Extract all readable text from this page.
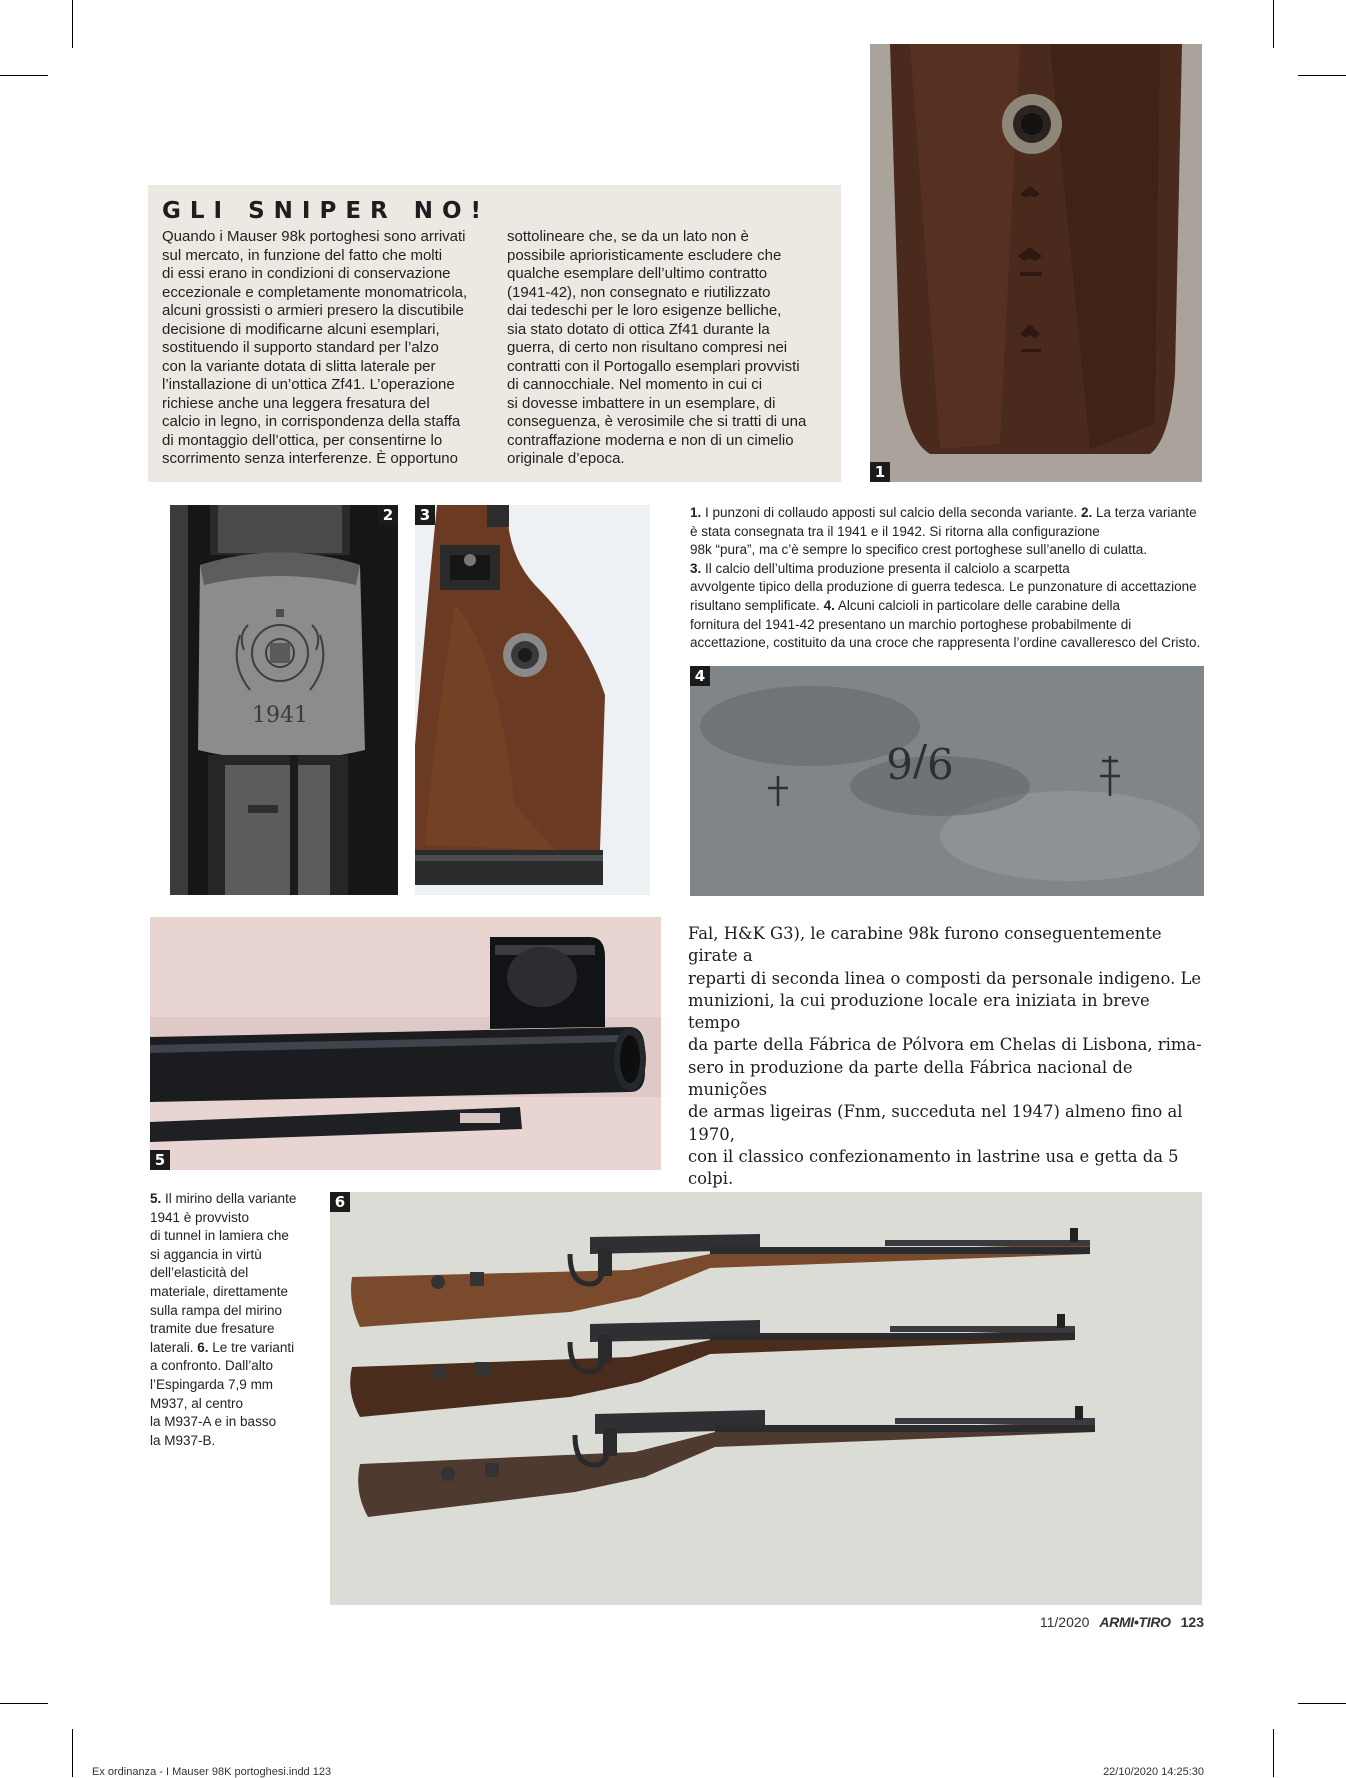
GLI SNIPER NO!
Quando i Mauser 98k portoghesi sono arrivati
sul mercato, in funzione del fatto che molti
di essi erano in condizioni di conservazione
eccezionale e completamente monomatricola,
alcuni grossisti o armieri presero la discutibile
decisione di modificarne alcuni esemplari,
sostituendo il supporto standard per l’alzo
con la variante dotata di slitta laterale per
l’installazione di un’ottica Zf41. L’operazione
richiese anche una leggera fresatura del
calcio in legno, in corrispondenza della staffa
di montaggio dell’ottica, per consentirne lo
scorrimento senza interferenze. È opportuno
sottolineare che, se da un lato non è
possibile aprioristicamente escludere che
qualche esemplare dell’ultimo contratto
(1941-42), non consegnato e riutilizzato
dai tedeschi per le loro esigenze belliche,
sia stato dotato di ottica Zf41 durante la
guerra, di certo non risultano compresi nei
contratti con il Portogallo esemplari provvisti
di cannocchiale. Nel momento in cui ci
si dovesse imbattere in un esemplare, di
conseguenza, è verosimile che si tratti di una
contraffazione moderna e non di un cimelio
originale d’epoca.
1
1941
2	3	1. I punzoni di collaudo apposti sul calcio della seconda variante. 2. La terza variante
è stata consegnata tra il 1941 e il 1942. Si ritorna alla configurazione
98k “pura”, ma c’è sempre lo specifico crest portoghese sull’anello di culatta.
3. Il calcio dell’ultima produzione presenta il calciolo a scarpetta
avvolgente tipico della produzione di guerra tedesca. Le punzonature di accettazione
risultano semplificate. 4. Alcuni calcioli in particolare delle carabine della
fornitura del 1941-42 presentano un marchio portoghese probabilmente di
accettazione, costituito da una croce che rappresenta l’ordine cavalleresco del Cristo.
9/6
4
5
Fal, H&K G3), le carabine 98k furono conseguentemente girate a
reparti di seconda linea o composti da personale indigeno. Le
munizioni, la cui produzione locale era iniziata in breve tempo
da parte della Fábrica de Pólvora em Chelas di Lisbona, rima-
sero in produzione da parte della Fábrica nacional de munições
de armas ligeiras (Fnm, succeduta nel 1947) almeno fino al 1970,
con il classico confezionamento in lastrine usa e getta da 5 colpi.

5. Il mirino della variante
1941 è provvisto
di tunnel in lamiera che
si aggancia in virtù
dell’elasticità del
materiale, direttamente
sulla rampa del mirino
tramite due fresature
laterali. 6. Le tre varianti
a confronto. Dall’alto
l’Espingarda 7,9 mm
M937, al centro
la M937-A e in basso
la M937-B.
6
11/2020 ARMI•TIRO 123
Ex ordinanza - I Mauser 98K portoghesi.indd 123	22/10/2020 14:25:30
